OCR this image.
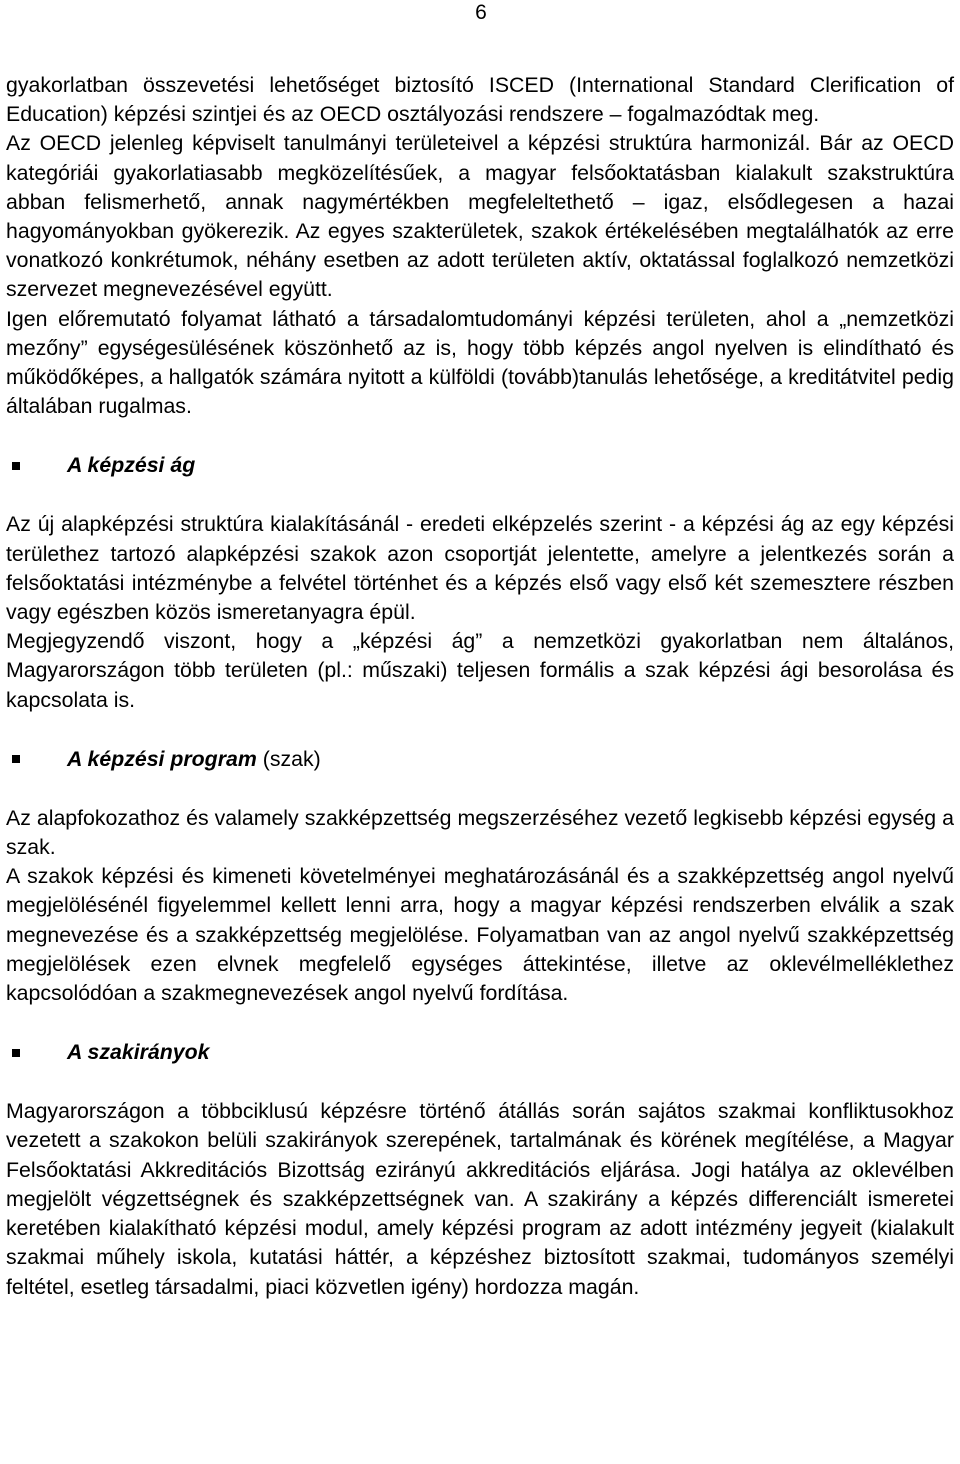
6

gyakorlatban összevetési lehetőséget biztosító ISCED (International Standard Clerification of Education) képzési szintjei és az OECD osztályozási rendszere – fogalmazódtak meg.

Az OECD jelenleg képviselt tanulmányi területeivel a képzési struktúra harmonizál. Bár az OECD kategóriái gyakorlatiasabb megközelítésűek, a magyar felsőoktatásban kialakult szakstruktúra abban felismerhető, annak nagymértékben megfeleltethető – igaz, elsődlegesen a hazai hagyományokban gyökerezik. Az egyes szakterületek, szakok értékelésében megtalálhatók az erre vonatkozó konkrétumok, néhány esetben az adott területen aktív, oktatással foglalkozó nemzetközi szervezet megnevezésével együtt.

Igen előremutató folyamat látható a társadalomtudományi képzési területen, ahol a „nemzetközi mezőny” egységesülésének köszönhető az is, hogy több képzés angol nyelven is elindítható és működőképes, a hallgatók számára nyitott a külföldi (tovább)tanulás lehetősége, a kreditátvitel pedig általában rugalmas.

A képzési ág

Az új alapképzési struktúra kialakításánál - eredeti elképzelés szerint - a képzési ág az egy képzési területhez tartozó alapképzési szakok azon csoportját jelentette, amelyre a jelentkezés során a felsőoktatási intézménybe a felvétel történhet és a képzés első vagy első két szemesztere részben vagy egészben közös ismeretanyagra épül.

Megjegyzendő viszont, hogy a „képzési ág” a nemzetközi gyakorlatban nem általános, Magyarországon több területen (pl.: műszaki) teljesen formális a szak képzési ági besorolása és kapcsolata is.

A képzési program (szak)

Az alapfokozathoz és valamely szakképzettség megszerzéséhez vezető legkisebb képzési egység a szak.

A szakok képzési és kimeneti követelményei meghatározásánál és a szakképzettség angol nyelvű megjelölésénél figyelemmel kellett lenni arra, hogy a magyar képzési rendszerben elválik a szak megnevezése és a szakképzettség megjelölése. Folyamatban van az angol nyelvű szakképzettség megjelölések ezen elvnek megfelelő egységes áttekintése, illetve az oklevélmelléklethez kapcsolódóan a szakmegnevezések angol nyelvű fordítása.

A szakirányok

Magyarországon a többciklusú képzésre történő átállás során sajátos szakmai konfliktusokhoz vezetett a szakokon belüli szakirányok szerepének, tartalmának és körének megítélése, a Magyar Felsőoktatási Akkreditációs Bizottság ezirányú akkreditációs eljárása. Jogi hatálya az oklevélben megjelölt végzettségnek és szakképzettségnek van. A szakirány a képzés differenciált ismeretei keretében kialakítható képzési modul, amely képzési program az adott intézmény jegyeit (kialakult szakmai műhely iskola, kutatási háttér, a képzéshez biztosított szakmai, tudományos személyi feltétel, esetleg társadalmi, piaci közvetlen igény) hordozza magán.
